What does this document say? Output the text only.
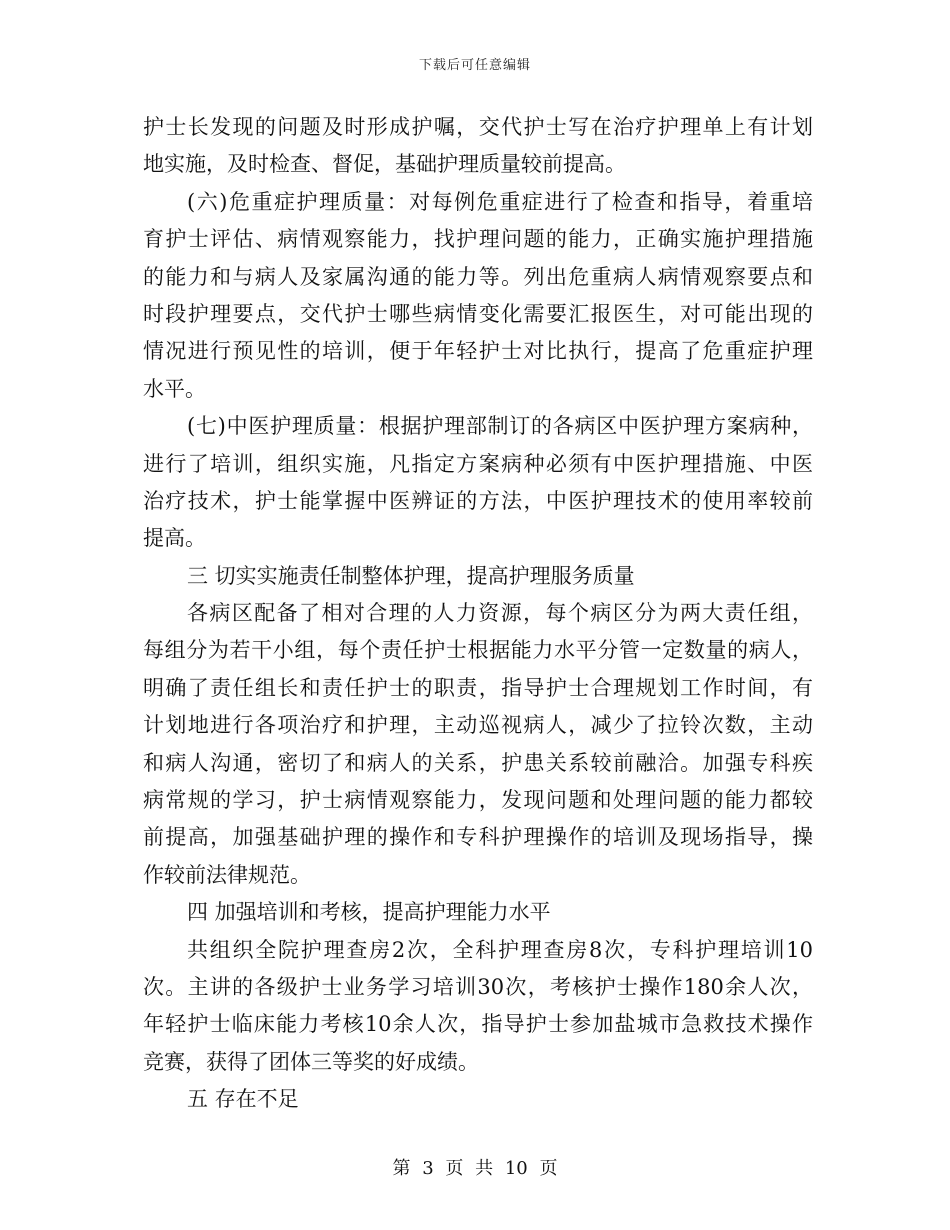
下载后可任意编辑
护士长发现的问题及时形成护嘱，交代护士写在治疗护理单上有计划
地实施，及时检查、督促，基础护理质量较前提高。
(六)危重症护理质量：对每例危重症进行了检查和指导，着重培
育护士评估、病情观察能力，找护理问题的能力，正确实施护理措施
的能力和与病人及家属沟通的能力等。列出危重病人病情观察要点和
时段护理要点，交代护士哪些病情变化需要汇报医生，对可能出现的
情况进行预见性的培训，便于年轻护士对比执行，提高了危重症护理
水平。
(七)中医护理质量：根据护理部制订的各病区中医护理方案病种，
进行了培训，组织实施，凡指定方案病种必须有中医护理措施、中医
治疗技术，护士能掌握中医辨证的方法，中医护理技术的使用率较前
提高。
三 切实实施责任制整体护理，提高护理服务质量
各病区配备了相对合理的人力资源，每个病区分为两大责任组，
每组分为若干小组，每个责任护士根据能力水平分管一定数量的病人，
明确了责任组长和责任护士的职责，指导护士合理规划工作时间，有
计划地进行各项治疗和护理，主动巡视病人，减少了拉铃次数，主动
和病人沟通，密切了和病人的关系，护患关系较前融洽。加强专科疾
病常规的学习，护士病情观察能力，发现问题和处理问题的能力都较
前提高，加强基础护理的操作和专科护理操作的培训及现场指导，操
作较前法律规范。
四 加强培训和考核，提高护理能力水平
共组织全院护理查房2次，全科护理查房8次，专科护理培训10
次。主讲的各级护士业务学习培训30次，考核护士操作180余人次，
年轻护士临床能力考核10余人次，指导护士参加盐城市急救技术操作
竞赛，获得了团体三等奖的好成绩。
五 存在不足
第 3 页 共 10 页
